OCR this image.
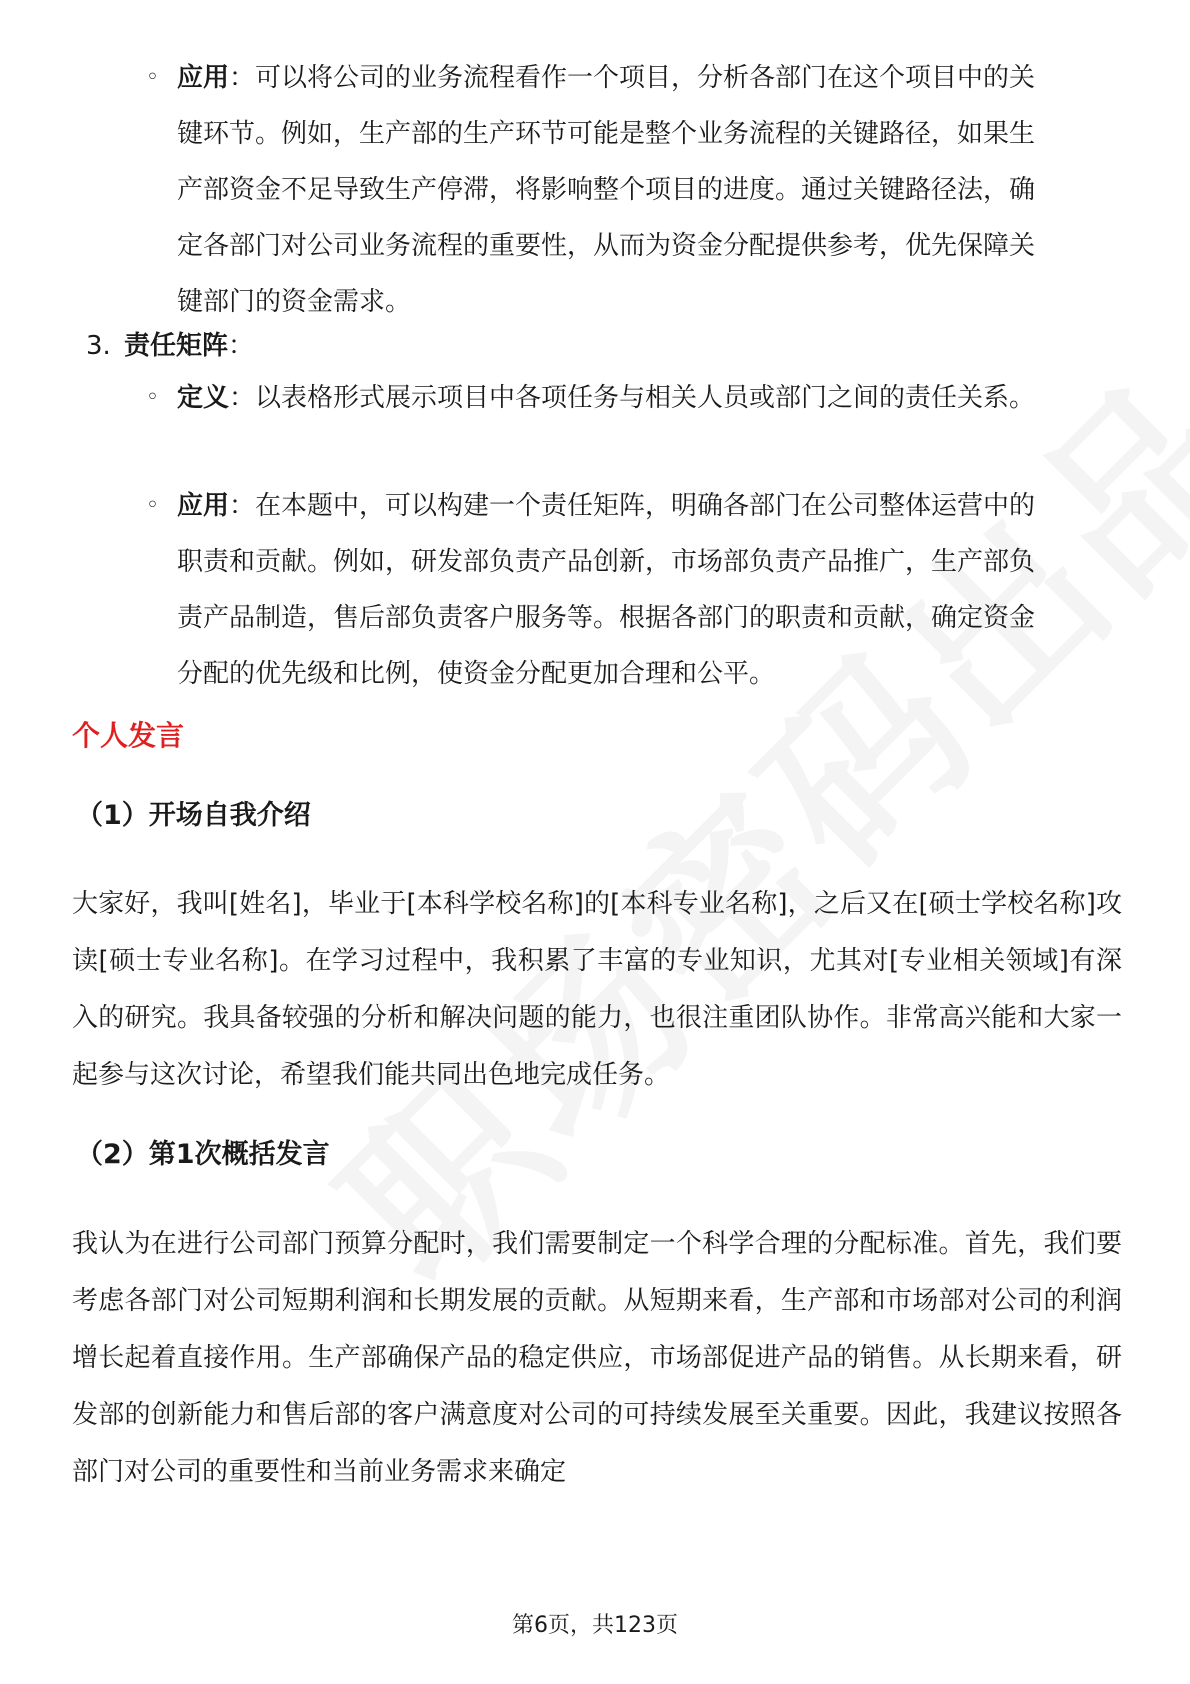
◦ 应用：可以将公司的业务流程看作一个项目，分析各部门在这个项目中的关键环节。例如，生产部的生产环节可能是整个业务流程的关键路径，如果生产部资金不足导致生产停滞，将影响整个项目的进度。通过关键路径法，确定各部门对公司业务流程的重要性，从而为资金分配提供参考，优先保障关键部门的资金需求。
3. 责任矩阵：
◦ 定义：以表格形式展示项目中各项任务与相关人员或部门之间的责任关系。
◦ 应用：在本题中，可以构建一个责任矩阵，明确各部门在公司整体运营中的职责和贡献。例如，研发部负责产品创新，市场部负责产品推广，生产部负责产品制造，售后部负责客户服务等。根据各部门的职责和贡献，确定资金分配的优先级和比例，使资金分配更加合理和公平。
个人发言
（1）开场自我介绍
大家好，我叫[姓名]，毕业于[本科学校名称]的[本科专业名称]，之后又在[硕士学校名称]攻读[硕士专业名称]。在学习过程中，我积累了丰富的专业知识，尤其对[专业相关领域]有深入的研究。我具备较强的分析和解决问题的能力，也很注重团队协作。非常高兴能和大家一起参与这次讨论，希望我们能共同出色地完成任务。
（2）第1次概括发言
我认为在进行公司部门预算分配时，我们需要制定一个科学合理的分配标准。首先，我们要考虑各部门对公司短期利润和长期发展的贡献。从短期来看，生产部和市场部对公司的利润增长起着直接作用。生产部确保产品的稳定供应，市场部促进产品的销售。从长期来看，研发部的创新能力和售后部的客户满意度对公司的可持续发展至关重要。因此，我建议按照各部门对公司的重要性和当前业务需求来确定
第6页，共123页
